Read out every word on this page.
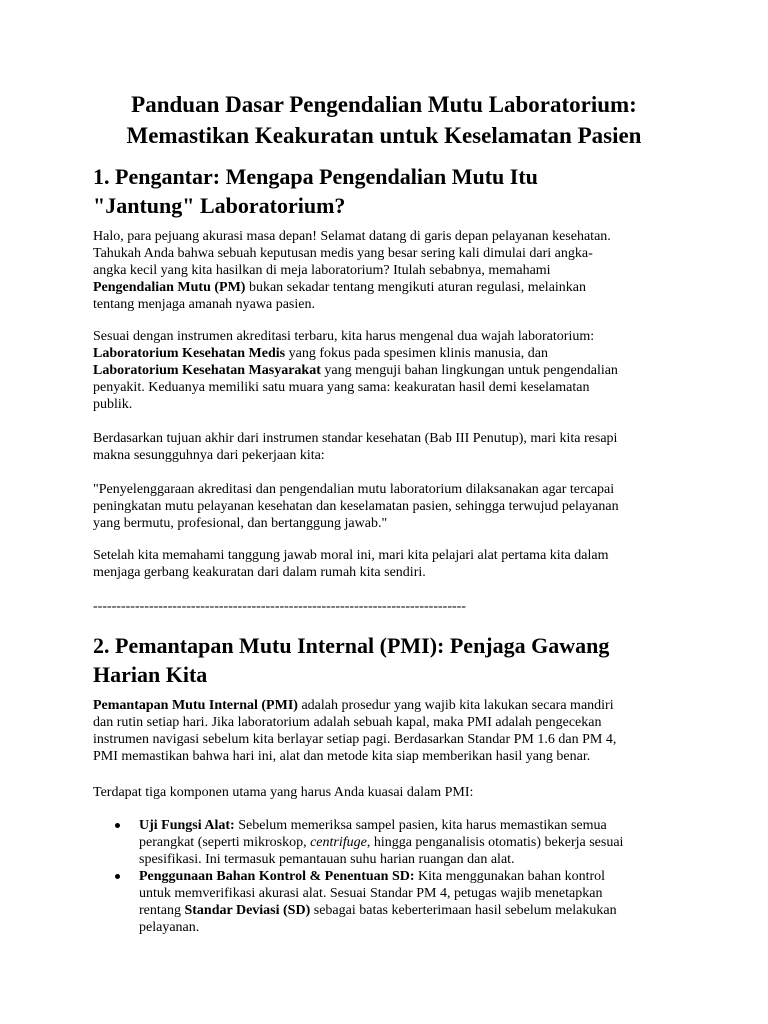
Panduan Dasar Pengendalian Mutu Laboratorium:
Memastikan Keakuratan untuk Keselamatan Pasien
1. Pengantar: Mengapa Pengendalian Mutu Itu
"Jantung" Laboratorium?

Halo, para pejuang akurasi masa depan! Selamat datang di garis depan pelayanan kesehatan.
Tahukah Anda bahwa sebuah keputusan medis yang besar sering kali dimulai dari angka-
angka kecil yang kita hasilkan di meja laboratorium? Itulah sebabnya, memahami
Pengendalian Mutu (PM) bukan sekadar tentang mengikuti aturan regulasi, melainkan
tentang menjaga amanah nyawa pasien.

Sesuai dengan instrumen akreditasi terbaru, kita harus mengenal dua wajah laboratorium:
Laboratorium Kesehatan Medis yang fokus pada spesimen klinis manusia, dan
Laboratorium Kesehatan Masyarakat yang menguji bahan lingkungan untuk pengendalian
penyakit. Keduanya memiliki satu muara yang sama: keakuratan hasil demi keselamatan
publik.

Berdasarkan tujuan akhir dari instrumen standar kesehatan (Bab III Penutup), mari kita resapi
makna sesungguhnya dari pekerjaan kita:

"Penyelenggaraan akreditasi dan pengendalian mutu laboratorium dilaksanakan agar tercapai
peningkatan mutu pelayanan kesehatan dan keselamatan pasien, sehingga terwujud pelayanan
yang bermutu, profesional, dan bertanggung jawab."

Setelah kita memahami tanggung jawab moral ini, mari kita pelajari alat pertama kita dalam
menjaga gerbang keakuratan dari dalam rumah kita sendiri.

--------------------------------------------------------------------------------

2. Pemantapan Mutu Internal (PMI): Penjaga Gawang
Harian Kita

Pemantapan Mutu Internal (PMI) adalah prosedur yang wajib kita lakukan secara mandiri
dan rutin setiap hari. Jika laboratorium adalah sebuah kapal, maka PMI adalah pengecekan
instrumen navigasi sebelum kita berlayar setiap pagi. Berdasarkan Standar PM 1.6 dan PM 4,
PMI memastikan bahwa hari ini, alat dan metode kita siap memberikan hasil yang benar.

Terdapat tiga komponen utama yang harus Anda kuasai dalam PMI:

Uji Fungsi Alat: Sebelum memeriksa sampel pasien, kita harus memastikan semua
perangkat (seperti mikroskop, centrifuge, hingga penganalisis otomatis) bekerja sesuai
spesifikasi. Ini termasuk pemantauan suhu harian ruangan dan alat.
Penggunaan Bahan Kontrol & Penentuan SD: Kita menggunakan bahan kontrol
untuk memverifikasi akurasi alat. Sesuai Standar PM 4, petugas wajib menetapkan
rentang Standar Deviasi (SD) sebagai batas keberterimaan hasil sebelum melakukan
pelayanan.
